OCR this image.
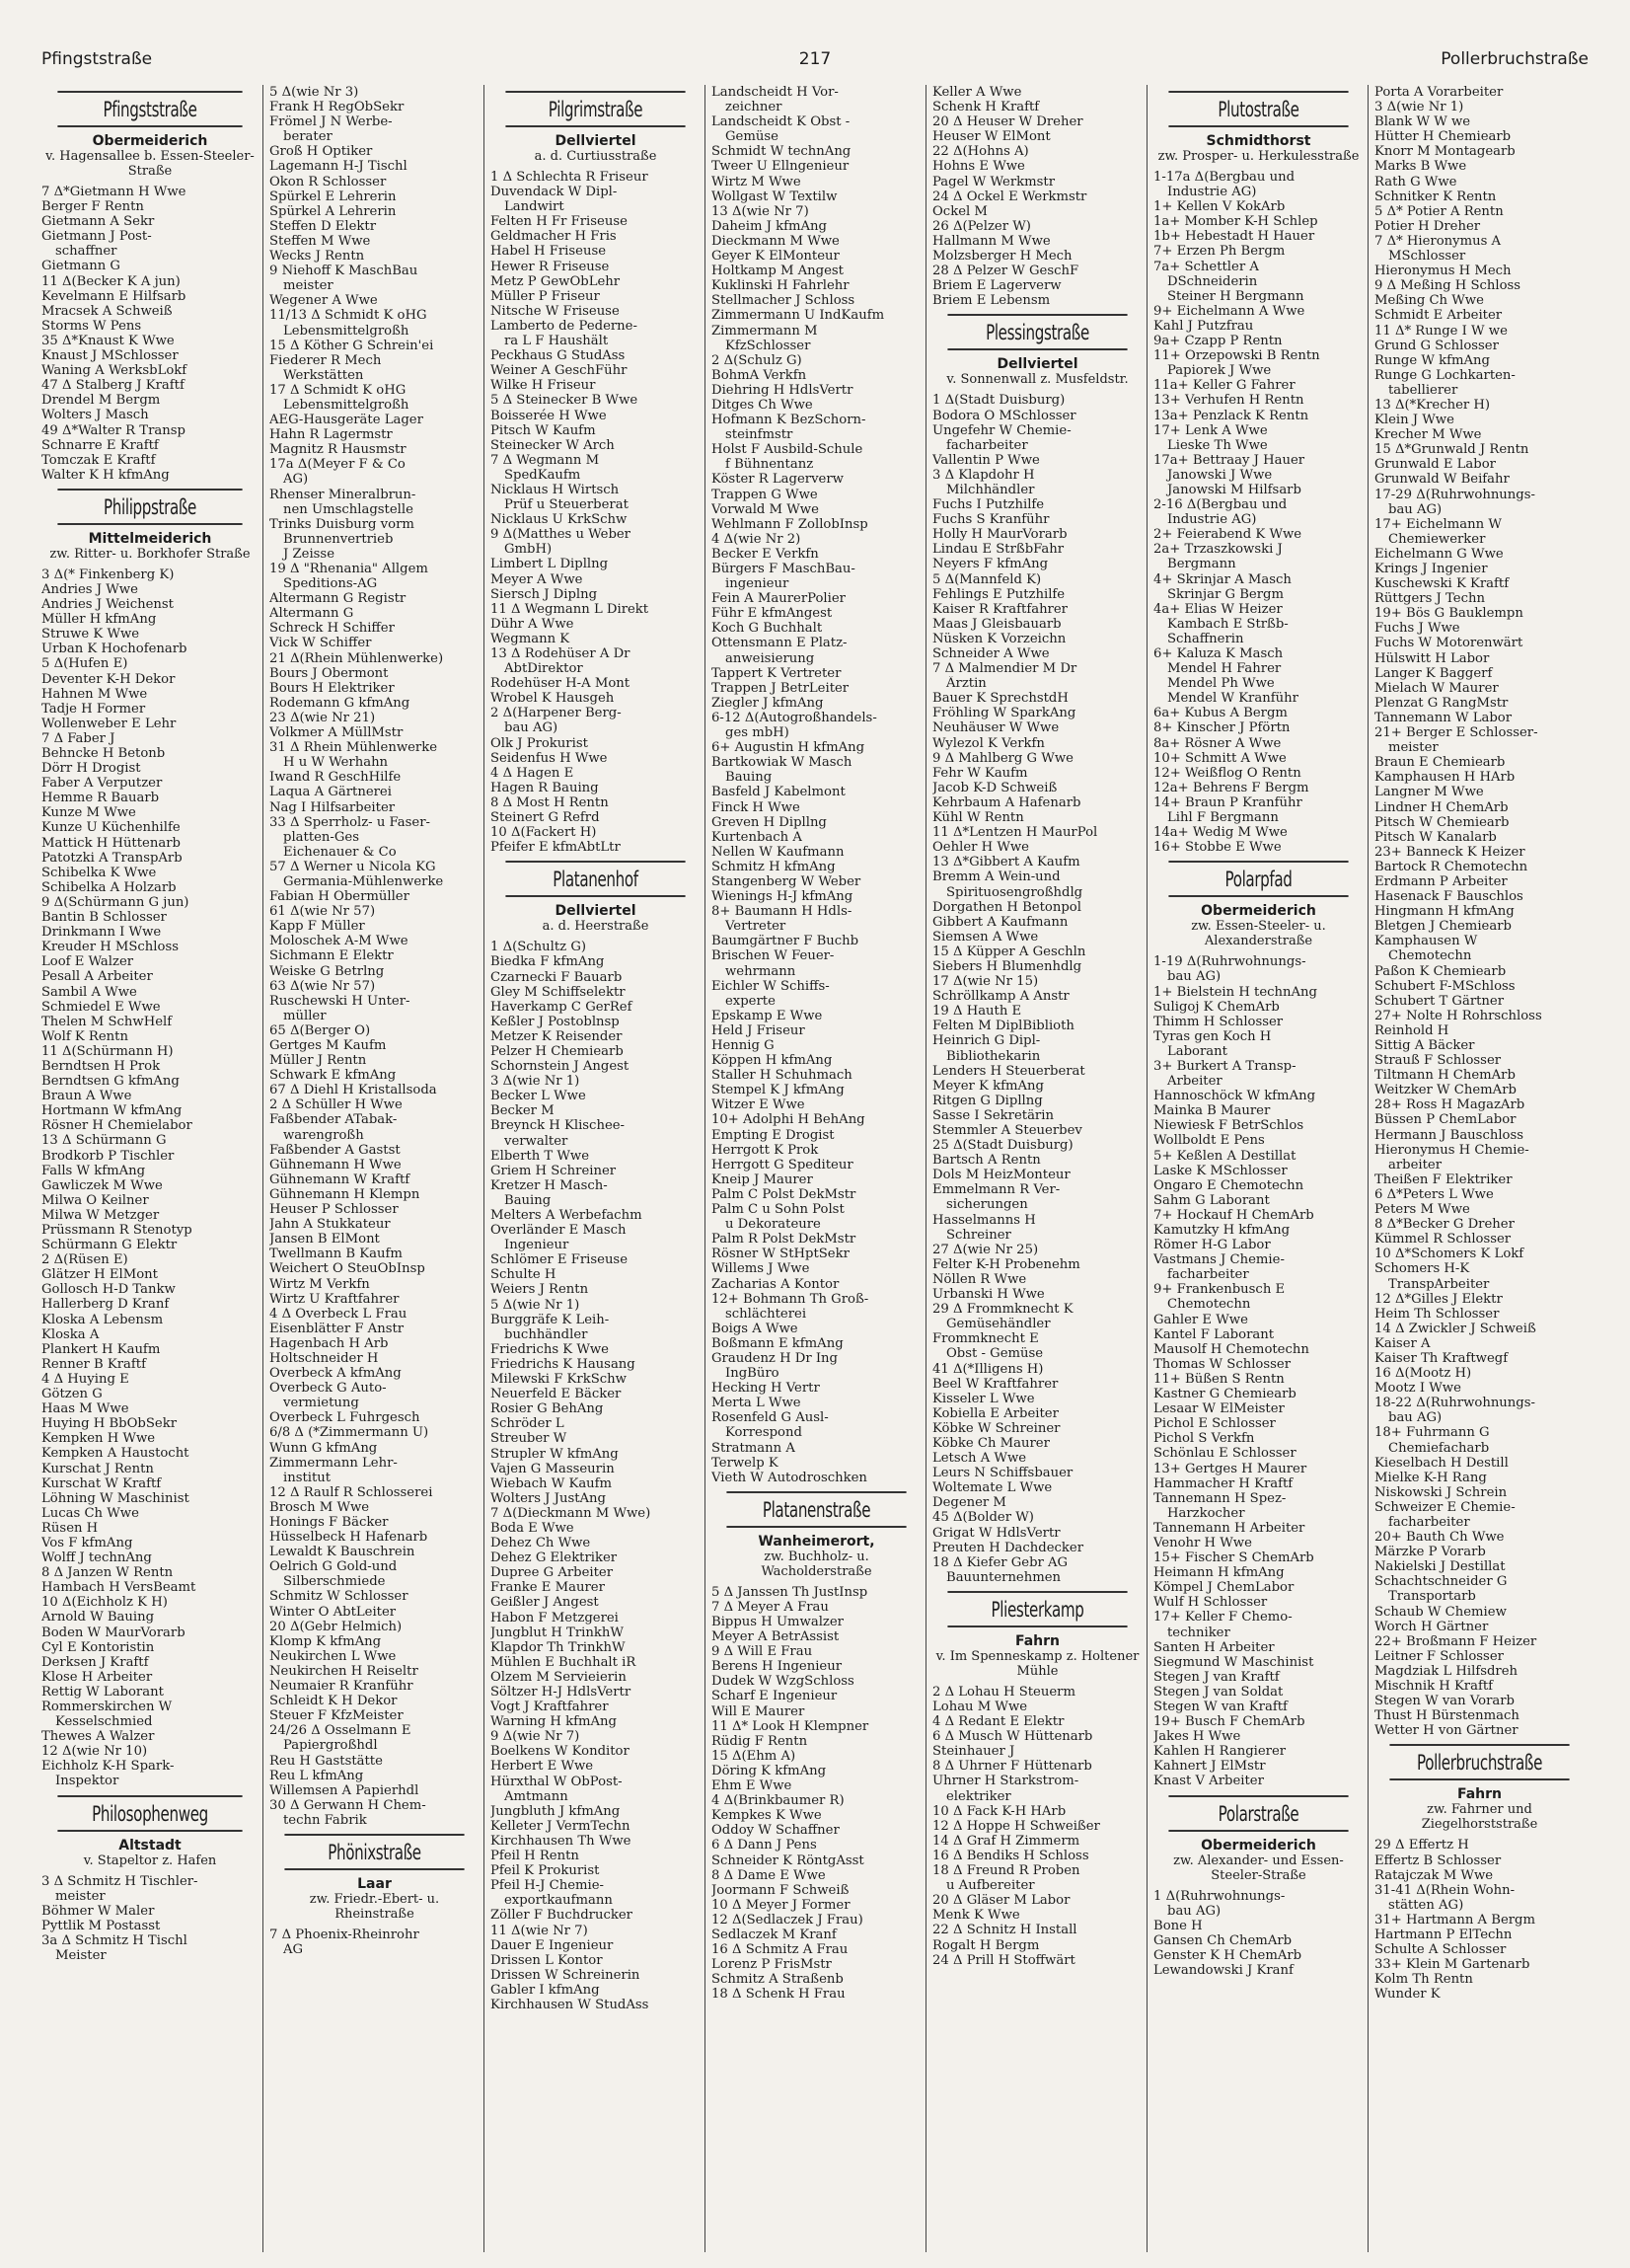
Pfingststraße	217	Pollerbruchstraße
Pfingststraße
Obermeiderich
v. Hagensallee b. Essen-Steeler-Straße
7 Δ*Gietmann H Wwe
Berger F Rentn
Gietmann A Sekr
Gietmann J Post-
schaffner
Gietmann G
11 Δ(Becker K A jun)
Kevelmann E Hilfsarb
Mracsek A Schweiß
Storms W Pens
35 Δ*Knaust K Wwe
Knaust J MSchlosser
Waning A WerksbLokf
47 Δ Stalberg J Kraftf
Drendel M Bergm
Wolters J Masch
49 Δ*Walter R Transp
Schnarre E Kraftf
Tomczak E Kraftf
Walter K H kfmAng
Philippstraße
Mittelmeiderich
zw. Ritter- u. Borkhofer Straße
3 Δ(* Finkenberg K)
Andries J Wwe
Andries J Weichenst
Müller H kfmAng
Struwe K Wwe
Urban K Hochofenarb
5 Δ(Hufen E)
Deventer K-H Dekor
Hahnen M Wwe
Tadje H Former
Wollenweber E Lehr
7 Δ Faber J
Behncke H Betonb
Dörr H Drogist
Faber A Verputzer
Hemme R Bauarb
Kunze M Wwe
Kunze U Küchenhilfe
Mattick H Hüttenarb
Patotzki A TranspArb
Schibelka K Wwe
Schibelka A Holzarb
9 Δ(Schürmann G jun)
Bantin B Schlosser
Drinkmann I Wwe
Kreuder H MSchloss
Loof E Walzer
Pesall A Arbeiter
Sambil A Wwe
Schmiedel E Wwe
Thelen M SchwHelf
Wolf K Rentn
11 Δ(Schürmann H)
Berndtsen H Prok
Berndtsen G kfmAng
Braun A Wwe
Hortmann W kfmAng
Rösner H Chemielabor
13 Δ Schürmann G
Brodkorb P Tischler
Falls W kfmAng
Gawliczek M Wwe
Milwa O Keilner
Milwa W Metzger
Prüssmann R Stenotyp
Schürmann G Elektr
2 Δ(Rüsen E)
Glätzer H ElMont
Gollosch H-D Tankw
Hallerberg D Kranf
Kloska A Lebensm
Kloska A
Plankert H Kaufm
Renner B Kraftf
4 Δ Huying E
Götzen G
Haas M Wwe
Huying H BbObSekr
Kempken H Wwe
Kempken A Haustocht
Kurschat J Rentn
Kurschat W Kraftf
Löhning W Maschinist
Lucas Ch Wwe
Rüsen H
Vos F kfmAng
Wolff J technAng
8 Δ Janzen W Rentn
Hambach H VersBeamt
10 Δ(Eichholz K H)
Arnold W Bauing
Boden W MaurVorarb
Cyl E Kontoristin
Derksen J Kraftf
Klose H Arbeiter
Rettig W Laborant
Rommerskirchen W
Kesselschmied
Thewes A Walzer
12 Δ(wie Nr 10)
Eichholz K-H Spark-
Inspektor
Philosophenweg
Altstadt
v. Stapeltor z. Hafen
3 Δ Schmitz H Tischler-
meister
Böhmer W Maler
Pyttlik M Postasst
3a Δ Schmitz H Tischl
Meister
5 Δ(wie Nr 3)
Frank H RegObSekr
Frömel J N Werbe-
berater
Groß H Optiker
Lagemann H-J Tischl
Okon R Schlosser
Spürkel E Lehrerin
Spürkel A Lehrerin
Steffen D Elektr
Steffen M Wwe
Wecks J Rentn
9 Niehoff K MaschBau
meister
Wegener A Wwe
11/13 Δ Schmidt K oHG
Lebensmittelgroßh
15 Δ Köther G Schrein'ei
Fiederer R Mech
Werkstätten
17 Δ Schmidt K oHG
Lebensmittelgroßh
AEG-Hausgeräte Lager
Hahn R Lagermstr
Magnitz R Hausmstr
17a Δ(Meyer F & Co
AG)
Rhenser Mineralbrun-
nen Umschlagstelle
Trinks Duisburg vorm
Brunnenvertrieb
J Zeisse
19 Δ "Rhenania" Allgem
Speditions-AG
Altermann G Registr
Altermann G
Schreck H Schiffer
Vick W Schiffer
21 Δ(Rhein Mühlenwerke)
Bours J Obermont
Bours H Elektriker
Rodemann G kfmAng
23 Δ(wie Nr 21)
Volkmer A MüllMstr
31 Δ Rhein Mühlenwerke
H u W Werhahn
Iwand R GeschHilfe
Laqua A Gärtnerei
Nag I Hilfsarbeiter
33 Δ Sperrholz- u Faser-
platten-Ges
Eichenauer & Co
57 Δ Werner u Nicola KG
Germania-Mühlenwerke
Fabian H Obermüller
61 Δ(wie Nr 57)
Kapp F Müller
Moloschek A-M Wwe
Sichmann E Elektr
Weiske G Betrlng
63 Δ(wie Nr 57)
Ruschewski H Unter-
müller
65 Δ(Berger O)
Gertges M Kaufm
Müller J Rentn
Schwark E kfmAng
67 Δ Diehl H Kristallsoda
2 Δ Schüller H Wwe
Faßbender ATabak-
warengroßh
Faßbender A Gastst
Gühnemann H Wwe
Gühnemann W Kraftf
Gühnemann H Klempn
Heuser P Schlosser
Jahn A Stukkateur
Jansen B ElMont
Twellmann B Kaufm
Weichert O SteuObInsp
Wirtz M Verkfn
Wirtz U Kraftfahrer
4 Δ Overbeck L Frau
Eisenblätter F Anstr
Hagenbach H Arb
Holtschneider H
Overbeck A kfmAng
Overbeck G Auto-
vermietung
Overbeck L Fuhrgesch
6/8 Δ (*Zimmermann U)
Wunn G kfmAng
Zimmermann Lehr-
institut
12 Δ Raulf R Schlosserei
Brosch M Wwe
Honings F Bäcker
Hüsselbeck H Hafenarb
Lewaldt K Bauschrein
Oelrich G Gold-und
Silberschmiede
Schmitz W Schlosser
Winter O AbtLeiter
20 Δ(Gebr Helmich)
Klomp K kfmAng
Neukirchen L Wwe
Neukirchen H Reiseltr
Neumaier R Kranführ
Schleidt K H Dekor
Steuer F KfzMeister
24/26 Δ Osselmann E
Papiergroßhdl
Reu H Gaststätte
Reu L kfmAng
Willemsen A Papierhdl
30 Δ Gerwann H Chem-
techn Fabrik
Phönixstraße
Laar
zw. Friedr.-Ebert- u. Rheinstraße
7 Δ Phoenix-Rheinrohr
AG
Pilgrimstraße
Dellviertel
a. d. Curtiusstraße
1 Δ Schlechta R Friseur
Duvendack W Dipl-
Landwirt
Felten H Fr Friseuse
Geldmacher H Fris
Habel H Friseuse
Hewer R Friseuse
Metz P GewObLehr
Müller P Friseur
Nitsche W Friseuse
Lamberto de Pederne-
ra L F Haushält
Peckhaus G StudAss
Weiner A GeschFühr
Wilke H Friseur
5 Δ Steinecker B Wwe
Boisserée H Wwe
Pitsch W Kaufm
Steinecker W Arch
7 Δ Wegmann M
SpedKaufm
Nicklaus H Wirtsch
Prüf u Steuerberat
Nicklaus U KrkSchw
9 Δ(Matthes u Weber
GmbH)
Limbert L Dipllng
Meyer A Wwe
Siersch J Diplng
11 Δ Wegmann L Direkt
Dühr A Wwe
Wegmann K
13 Δ Rodehüser A Dr
AbtDirektor
Rodehüser H-A Mont
Wrobel K Hausgeh
2 Δ(Harpener Berg-
bau AG)
Olk J Prokurist
Seidenfus H Wwe
4 Δ Hagen E
Hagen R Bauing
8 Δ Most H Rentn
Steinert G Refrd
10 Δ(Fackert H)
Pfeifer E kfmAbtLtr
Platanenhof
Dellviertel
a. d. Heerstraße
1 Δ(Schultz G)
Biedka F kfmAng
Czarnecki F Bauarb
Gley M Schiffselektr
Haverkamp C GerRef
Keßler J Postoblnsp
Metzer K Reisender
Pelzer H Chemiearb
Schornstein J Angest
3 Δ(wie Nr 1)
Becker L Wwe
Becker M
Breynck H Klischee-
verwalter
Elberth T Wwe
Griem H Schreiner
Kretzer H Masch-
Bauing
Melters A Werbefachm
Overländer E Masch
Ingenieur
Schlömer E Friseuse
Schulte H
Weiers J Rentn
5 Δ(wie Nr 1)
Burggräfe K Leih-
buchhändler
Friedrichs K Wwe
Friedrichs K Hausang
Milewski F KrkSchw
Neuerfeld E Bäcker
Rosier G BehAng
Schröder L
Streuber W
Strupler W kfmAng
Vajen G Masseurin
Wiebach W Kaufm
Wolters J JustAng
7 Δ(Dieckmann M Wwe)
Boda E Wwe
Dehez Ch Wwe
Dehez G Elektriker
Dupree G Arbeiter
Franke E Maurer
Geißler J Angest
Habon F Metzgerei
Jungblut H TrinkhW
Klapdor Th TrinkhW
Mühlen E Buchhalt iR
Olzem M Servieierin
Söltzer H-J HdlsVertr
Vogt J Kraftfahrer
Warning H kfmAng
9 Δ(wie Nr 7)
Boelkens W Konditor
Herbert E Wwe
Hürxthal W ObPost-
Amtmann
Jungbluth J kfmAng
Kelleter J VermTechn
Kirchhausen Th Wwe
Pfeil H Rentn
Pfeil K Prokurist
Pfeil H-J Chemie-
exportkaufmann
Zöller F Buchdrucker
11 Δ(wie Nr 7)
Dauer E Ingenieur
Drissen L Kontor
Drissen W Schreinerin
Gabler I kfmAng
Kirchhausen W StudAss
Landscheidt H Vor-
zeichner
Landscheidt K Obst -
Gemüse
Schmidt W technAng
Tweer U Ellngenieur
Wirtz M Wwe
Wollgast W Textilw
13 Δ(wie Nr 7)
Daheim J kfmAng
Dieckmann M Wwe
Geyer K ElMonteur
Holtkamp M Angest
Kuklinski H Fahrlehr
Stellmacher J Schloss
Zimmermann U IndKaufm
Zimmermann M
KfzSchlosser
2 Δ(Schulz G)
BohmA Verkfn
Diehring H HdlsVertr
Ditges Ch Wwe
Hofmann K BezSchorn-
steinfmstr
Holst F Ausbild-Schule
f Bühnentanz
Köster R Lagerverw
Trappen G Wwe
Vorwald M Wwe
Wehlmann F ZollobInsp
4 Δ(wie Nr 2)
Becker E Verkfn
Bürgers F MaschBau-
ingenieur
Fein A MaurerPolier
Führ E kfmAngest
Koch G Buchhalt
Ottensmann E Platz-
anweisierung
Tappert K Vertreter
Trappen J BetrLeiter
Ziegler J kfmAng
6-12 Δ(Autogroßhandels-
ges mbH)
6+ Augustin H kfmAng
Bartkowiak W Masch
Bauing
Basfeld J Kabelmont
Finck H Wwe
Greven H Dipllng
Kurtenbach A
Nellen W Kaufmann
Schmitz H kfmAng
Stangenberg W Weber
Wienings H-J kfmAng
8+ Baumann H Hdls-
Vertreter
Baumgärtner F Buchb
Brischen W Feuer-
wehrmann
Eichler W Schiffs-
experte
Epskamp E Wwe
Held J Friseur
Hennig G
Köppen H kfmAng
Staller H Schuhmach
Stempel K J kfmAng
Witzer E Wwe
10+ Adolphi H BehAng
Empting E Drogist
Herrgott K Prok
Herrgott G Spediteur
Kneip J Maurer
Palm C Polst DekMstr
Palm C u Sohn Polst
u Dekorateure
Palm R Polst DekMstr
Rösner W StHptSekr
Willems J Wwe
Zacharias A Kontor
12+ Bohmann Th Groß-
schlächterei
Boigs A Wwe
Boßmann E kfmAng
Graudenz H Dr Ing
IngBüro
Hecking H Vertr
Merta L Wwe
Rosenfeld G Ausl-
Korrespond
Stratmann A
Terwelp K
Vieth W Autodroschken
Platanenstraße
Wanheimerort,
zw. Buchholz- u. Wacholderstraße
5 Δ Janssen Th JustInsp
7 Δ Meyer A Frau
Bippus H Umwalzer
Meyer A BetrAssist
9 Δ Will E Frau
Berens H Ingenieur
Dudek W WzgSchloss
Scharf E Ingenieur
Will E Maurer
11 Δ* Look H Klempner
Rüdig F Rentn
15 Δ(Ehm A)
Döring K kfmAng
Ehm E Wwe
4 Δ(Brinkbaumer R)
Kempkes K Wwe
Oddoy W Schaffner
6 Δ Dann J Pens
Schneider K RöntgAsst
8 Δ Dame E Wwe
Joormann F Schweiß
10 Δ Meyer J Former
12 Δ(Sedlaczek J Frau)
Sedlaczek M Kranf
16 Δ Schmitz A Frau
Lorenz P FrisMstr
Schmitz A Straßenb
18 Δ Schenk H Frau
Keller A Wwe
Schenk H Kraftf
20 Δ Heuser W Dreher
Heuser W ElMont
22 Δ(Hohns A)
Hohns E Wwe
Pagel W Werkmstr
24 Δ Ockel E Werkmstr
Ockel M
26 Δ(Pelzer W)
Hallmann M Wwe
Molzsberger H Mech
28 Δ Pelzer W GeschF
Briem E Lagerverw
Briem E Lebensm
Plessingstraße
Dellviertel
v. Sonnenwall z. Musfeldstr.
1 Δ(Stadt Duisburg)
Bodora O MSchlosser
Ungefehr W Chemie-
facharbeiter
Vallentin P Wwe
3 Δ Klapdohr H
Milchhändler
Fuchs I Putzhilfe
Fuchs S Kranführ
Holly H MaurVorarb
Lindau E StrßbFahr
Neyers F kfmAng
5 Δ(Mannfeld K)
Fehlings E Putzhilfe
Kaiser R Kraftfahrer
Maas J Gleisbauarb
Nüsken K Vorzeichn
Schneider A Wwe
7 Δ Malmendier M Dr
Ärztin
Bauer K SprechstdH
Fröhling W SparkAng
Neuhäuser W Wwe
Wylezol K Verkfn
9 Δ Mahlberg G Wwe
Fehr W Kaufm
Jacob K-D Schweiß
Kehrbaum A Hafenarb
Kühl W Rentn
11 Δ*Lentzen H MaurPol
Oehler H Wwe
13 Δ*Gibbert A Kaufm
Bremm A Wein-und
Spirituosengroßhdlg
Dorgathen H Betonpol
Gibbert A Kaufmann
Siemsen A Wwe
15 Δ Küpper A Geschln
Siebers H Blumenhdlg
17 Δ(wie Nr 15)
Schröllkamp A Anstr
19 Δ Hauth E
Felten M DiplBiblioth
Heinrich G Dipl-
Bibliothekarin
Lenders H Steuerberat
Meyer K kfmAng
Ritgen G Dipllng
Sasse I Sekretärin
Stemmler A Steuerbev
25 Δ(Stadt Duisburg)
Bartsch A Rentn
Dols M HeizMonteur
Emmelmann R Ver-
sicherungen
Hasselmanns H
Schreiner
27 Δ(wie Nr 25)
Felter K-H Probenehm
Nöllen R Wwe
Urbanski H Wwe
29 Δ Frommknecht K
Gemüsehändler
Frommknecht E
Obst - Gemüse
41 Δ(*Illigens H)
Beel W Kraftfahrer
Kisseler L Wwe
Kobiella E Arbeiter
Köbke W Schreiner
Köbke Ch Maurer
Letsch A Wwe
Leurs N Schiffsbauer
Woltemate L Wwe
Degener M
45 Δ(Bolder W)
Grigat W HdlsVertr
Preuten H Dachdecker
18 Δ Kiefer Gebr AG
Bauunternehmen
Pliesterkamp
Fahrn
v. Im Spenneskamp z. Holtener Mühle
2 Δ Lohau H Steuerm
Lohau M Wwe
4 Δ Redant E Elektr
6 Δ Musch W Hüttenarb
Steinhauer J
8 Δ Uhrner F Hüttenarb
Uhrner H Starkstrom-
elektriker
10 Δ Fack K-H HArb
12 Δ Hoppe H Schweißer
14 Δ Graf H Zimmerm
16 Δ Bendiks H Schloss
18 Δ Freund R Proben
u Aufbereiter
20 Δ Gläser M Labor
Menk K Wwe
22 Δ Schnitz H Install
Rogalt H Bergm
24 Δ Prill H Stoffwärt
Plutostraße
Schmidthorst
zw. Prosper- u. Herkulesstraße
1-17a Δ(Bergbau und
Industrie AG)
1+ Kellen V KokArb
1a+ Momber K-H Schlep
1b+ Hebestadt H Hauer
7+ Erzen Ph Bergm
7a+ Schettler A
DSchneiderin
Steiner H Bergmann
9+ Eichelmann A Wwe
Kahl J Putzfrau
9a+ Czapp P Rentn
11+ Orzepowski B Rentn
Papiorek J Wwe
11a+ Keller G Fahrer
13+ Verhufen H Rentn
13a+ Penzlack K Rentn
17+ Lenk A Wwe
Lieske Th Wwe
17a+ Bettraay J Hauer
Janowski J Wwe
Janowski M Hilfsarb
2-16 Δ(Bergbau und
Industrie AG)
2+ Feierabend K Wwe
2a+ Trzaszkowski J
Bergmann
4+ Skrinjar A Masch
Skrinjar G Bergm
4a+ Elias W Heizer
Kambach E Strßb-
Schaffnerin
6+ Kaluza K Masch
Mendel H Fahrer
Mendel Ph Wwe
Mendel W Kranführ
6a+ Kubus A Bergm
8+ Kinscher J Pförtn
8a+ Rösner A Wwe
10+ Schmitt A Wwe
12+ Weißflog O Rentn
12a+ Behrens F Bergm
14+ Braun P Kranführ
Lihl F Bergmann
14a+ Wedig M Wwe
16+ Stobbe E Wwe
Polarpfad
Obermeiderich
zw. Essen-Steeler- u. Alexanderstraße
1-19 Δ(Ruhrwohnungs-
bau AG)
1+ Bielstein H technAng
Suligoj K ChemArb
Thimm H Schlosser
Tyras gen Koch H
Laborant
3+ Burkert A Transp-
Arbeiter
Hannoschöck W kfmAng
Mainka B Maurer
Niewiesk F BetrSchlos
Wollboldt E Pens
5+ Keßlen A Destillat
Laske K MSchlosser
Ongaro E Chemotechn
Sahm G Laborant
7+ Hockauf H ChemArb
Kamutzky H kfmAng
Römer H-G Labor
Vastmans J Chemie-
facharbeiter
9+ Frankenbusch E
Chemotechn
Gahler E Wwe
Kantel F Laborant
Mausolf H Chemotechn
Thomas W Schlosser
11+ Büßen S Rentn
Kastner G Chemiearb
Lesaar W ElMeister
Pichol E Schlosser
Pichol S Verkfn
Schönlau E Schlosser
13+ Gertges H Maurer
Hammacher H Kraftf
Tannemann H Spez-
Harzkocher
Tannemann H Arbeiter
Venohr H Wwe
15+ Fischer S ChemArb
Heimann H kfmAng
Kömpel J ChemLabor
Wulf H Schlosser
17+ Keller F Chemo-
techniker
Santen H Arbeiter
Siegmund W Maschinist
Stegen J van Kraftf
Stegen J van Soldat
Stegen W van Kraftf
19+ Busch F ChemArb
Jakes H Wwe
Kahlen H Rangierer
Kahnert J ElMstr
Knast V Arbeiter
Polarstraße
Obermeiderich
zw. Alexander- und Essen-Steeler-Straße
1 Δ(Ruhrwohnungs-
bau AG)
Bone H
Gansen Ch ChemArb
Genster K H ChemArb
Lewandowski J Kranf
Porta A Vorarbeiter
3 Δ(wie Nr 1)
Blank W W we
Hütter H Chemiearb
Knorr M Montagearb
Marks B Wwe
Rath G Wwe
Schnitker K Rentn
5 Δ* Potier A Rentn
Potier H Dreher
7 Δ* Hieronymus A
MSchlosser
Hieronymus H Mech
9 Δ Meßing H Schloss
Meßing Ch Wwe
Schmidt E Arbeiter
11 Δ* Runge I W we
Grund G Schlosser
Runge W kfmAng
Runge G Lochkarten-
tabellierer
13 Δ(*Krecher H)
Klein J Wwe
Krecher M Wwe
15 Δ*Grunwald J Rentn
Grunwald E Labor
Grunwald W Beifahr
17-29 Δ(Ruhrwohnungs-
bau AG)
17+ Eichelmann W
Chemiewerker
Eichelmann G Wwe
Krings J Ingenier
Kuschewski K Kraftf
Rüttgers J Techn
19+ Bös G Bauklempn
Fuchs J Wwe
Fuchs W Motorenwärt
Hülswitt H Labor
Langer K Baggerf
Mielach W Maurer
Plenzat G RangMstr
Tannemann W Labor
21+ Berger E Schlosser-
meister
Braun E Chemiearb
Kamphausen H HArb
Langner M Wwe
Lindner H ChemArb
Pitsch W Chemiearb
Pitsch W Kanalarb
23+ Banneck K Heizer
Bartock R Chemotechn
Erdmann P Arbeiter
Hasenack F Bauschlos
Hingmann H kfmAng
Bletgen J Chemiearb
Kamphausen W
Chemotechn
Paßon K Chemiearb
Schubert F-MSchloss
Schubert T Gärtner
27+ Nolte H Rohrschloss
Reinhold H
Sittig A Bäcker
Strauß F Schlosser
Tiltmann H ChemArb
Weitzker W ChemArb
28+ Ross H MagazArb
Büssen P ChemLabor
Hermann J Bauschloss
Hieronymus H Chemie-
arbeiter
Theißen F Elektriker
6 Δ*Peters L Wwe
Peters M Wwe
8 Δ*Becker G Dreher
Kümmel R Schlosser
10 Δ*Schomers K Lokf
Schomers H-K
TranspArbeiter
12 Δ*Gilles J Elektr
Heim Th Schlosser
14 Δ Zwickler J Schweiß
Kaiser A
Kaiser Th Kraftwegf
16 Δ(Mootz H)
Mootz I Wwe
18-22 Δ(Ruhrwohnungs-
bau AG)
18+ Fuhrmann G
Chemiefacharb
Kieselbach H Destill
Mielke K-H Rang
Niskowski J Schrein
Schweizer E Chemie-
facharbeiter
20+ Bauth Ch Wwe
Märzke P Vorarb
Nakielski J Destillat
Schachtschneider G
Transportarb
Schaub W Chemiew
Worch H Gärtner
22+ Broßmann F Heizer
Leitner F Schlosser
Magdziak L Hilfsdreh
Mischnik H Kraftf
Stegen W van Vorarb
Thust H Bürstenmach
Wetter H von Gärtner
Pollerbruchstraße
Fahrn
zw. Fahrner und Ziegelhorststraße
29 Δ Effertz H
Effertz B Schlosser
Ratajczak M Wwe
31-41 Δ(Rhein Wohn-
stätten AG)
31+ Hartmann A Bergm
Hartmann P ElTechn
Schulte A Schlosser
33+ Klein M Gartenarb
Kolm Th Rentn
Wunder K
